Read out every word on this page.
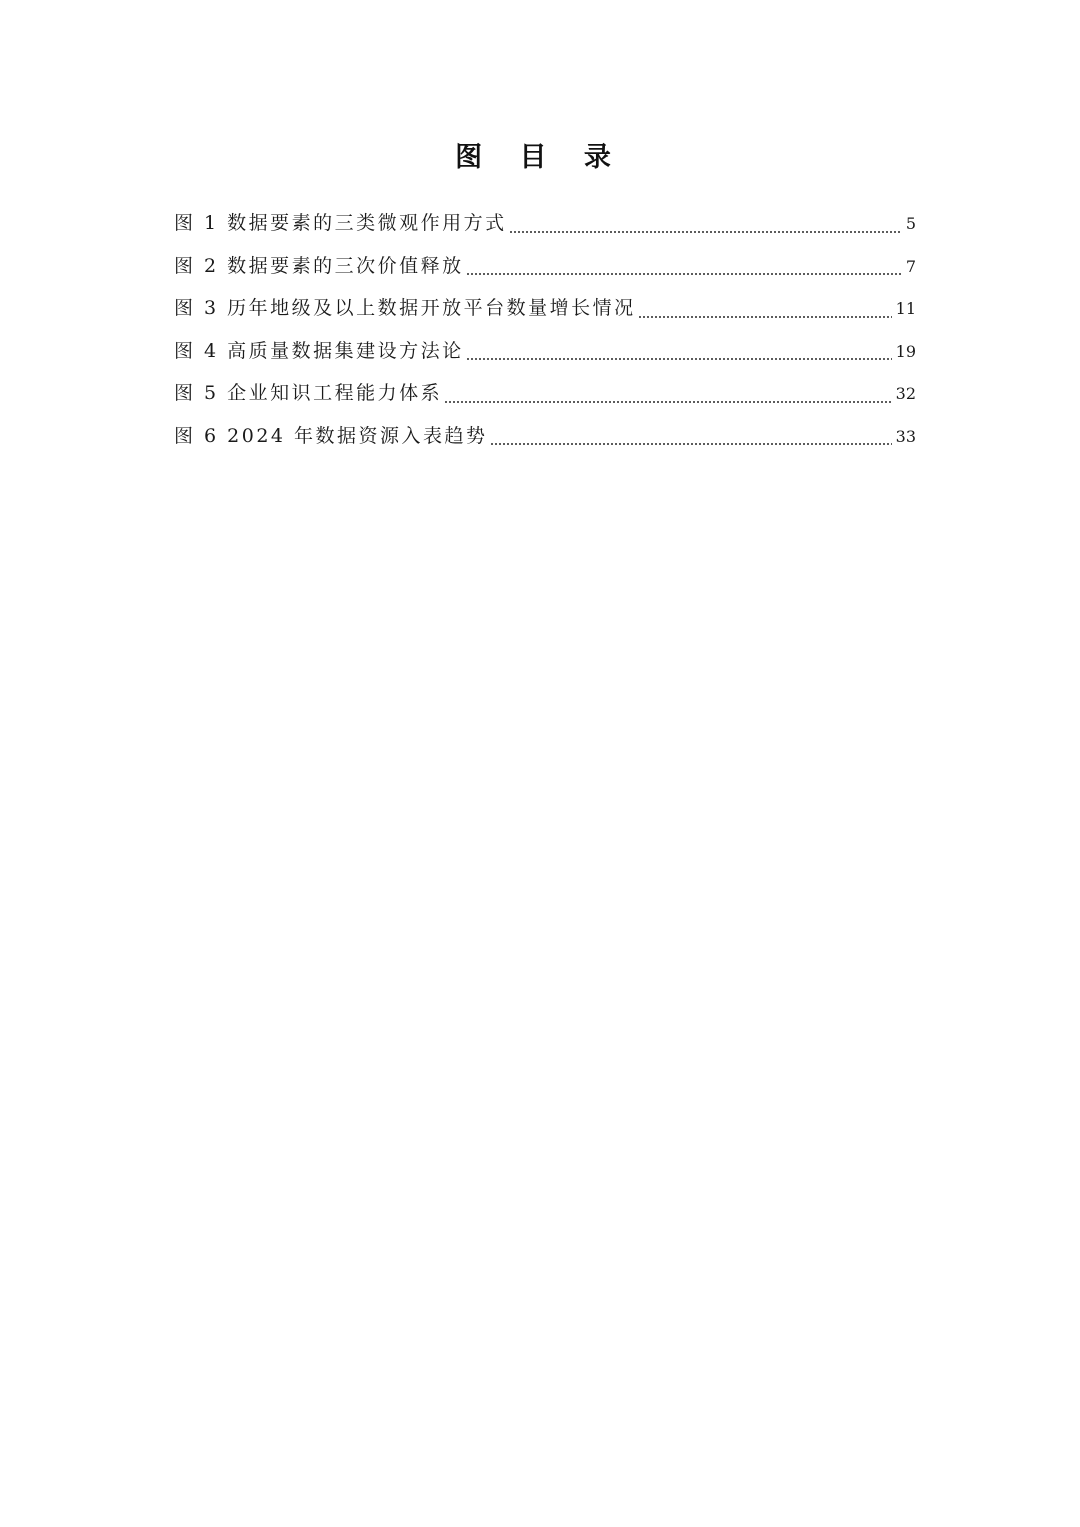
图 目 录
图 1 数据要素的三类微观作用方式	5
图 2 数据要素的三次价值释放	7
图 3 历年地级及以上数据开放平台数量增长情况	11
图 4 高质量数据集建设方法论	19
图 5 企业知识工程能力体系	32
图 6 2024 年数据资源入表趋势	33
